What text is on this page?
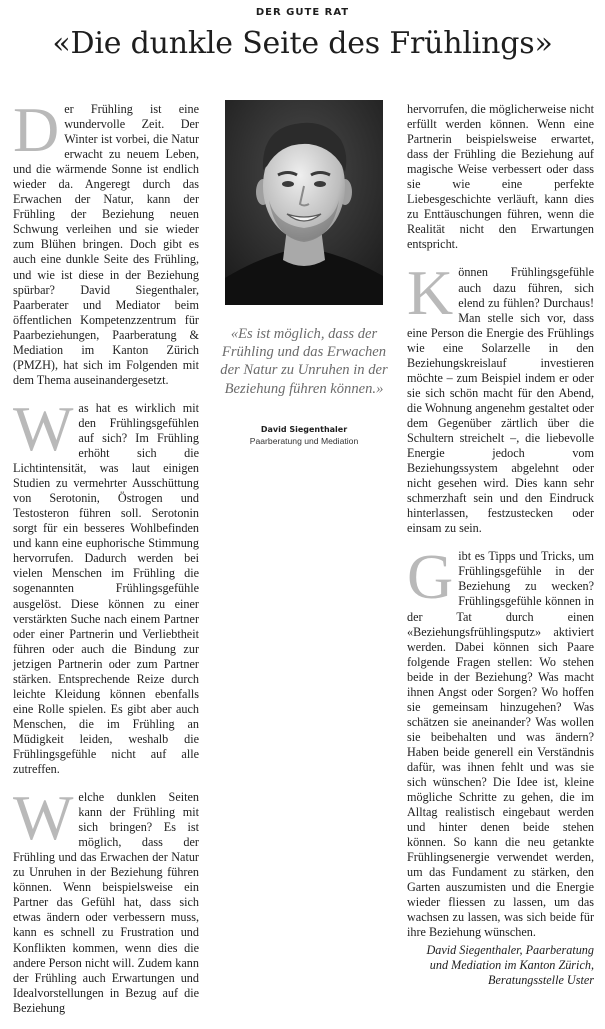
DER GUTE RAT
«Die dunkle Seite des Frühlings»

Der Frühling ist eine wundervolle Zeit. Der Winter ist vorbei, die Natur erwacht zu neuem Leben, und die wärmende Sonne ist endlich wieder da. Angeregt durch das Erwachen der Natur, kann der Frühling der Beziehung neuen Schwung verleihen und sie wieder zum Blühen bringen. Doch gibt es auch eine dunkle Seite des Frühling, und wie ist diese in der Beziehung spürbar? David Siegenthaler, Paarberater und Mediator beim öffentlichen Kompetenzzentrum für Paarbeziehungen, Paarberatung & Mediation im Kanton Zürich (PMZH), hat sich im Folgenden mit dem Thema auseinandergesetzt.

Was hat es wirklich mit den Frühlingsgefühlen auf sich? Im Frühling erhöht sich die Lichtintensität, was laut einigen Studien zu vermehrter Ausschüttung von Serotonin, Östrogen und Testosteron führen soll. Serotonin sorgt für ein besseres Wohlbefinden und kann eine euphorische Stimmung hervorrufen. Dadurch werden bei vielen Menschen im Frühling die sogenannten Frühlingsgefühle ausgelöst. Diese können zu einer verstärkten Suche nach einem Partner oder einer Partnerin und Verliebtheit führen oder auch die Bindung zur jetzigen Partnerin oder zum Partner stärken. Entsprechende Reize durch leichte Kleidung können ebenfalls eine Rolle spielen. Es gibt aber auch Menschen, die im Frühling an Müdigkeit leiden, weshalb die Frühlingsgefühle nicht auf alle zutreffen.

Welche dunklen Seiten kann der Frühling mit sich bringen? Es ist möglich, dass der Frühling und das Erwachen der Natur zu Unruhen in der Beziehung führen können. Wenn beispielsweise ein Partner das Gefühl hat, dass sich etwas ändern oder verbessern muss, kann es schnell zu Frustration und Konflikten kommen, wenn dies die andere Person nicht will. Zudem kann der Frühling auch Erwartungen und Idealvorstellungen in Bezug auf die Beziehung

«Es ist möglich, dass der Frühling und das Erwachen der Natur zu Unruhen in der Beziehung führen können.»
David Siegenthaler
Paarberatung und Mediation

hervorrufen, die möglicherweise nicht erfüllt werden können. Wenn eine Partnerin beispielsweise erwartet, dass der Frühling die Beziehung auf magische Weise verbessert oder dass sie wie eine perfekte Liebesgeschichte verläuft, kann dies zu Enttäuschungen führen, wenn die Realität nicht den Erwartungen entspricht.

Können Frühlingsgefühle auch dazu führen, sich elend zu fühlen? Durchaus! Man stelle sich vor, dass eine Person die Energie des Frühlings wie eine Solarzelle in den Beziehungskreislauf investieren möchte – zum Beispiel indem er oder sie sich schön macht für den Abend, die Wohnung angenehm gestaltet oder dem Gegenüber zärtlich über die Schultern streichelt –, die liebevolle Energie jedoch vom Beziehungssystem abgelehnt oder nicht gesehen wird. Dies kann sehr schmerzhaft sein und den Eindruck hinterlassen, festzustecken oder einsam zu sein.

Gibt es Tipps und Tricks, um Frühlingsgefühle in der Beziehung zu wecken? Frühlingsgefühle können in der Tat durch einen «Beziehungsfrühlingsputz» aktiviert werden. Dabei können sich Paare folgende Fragen stellen: Wo stehen beide in der Beziehung? Was macht ihnen Angst oder Sorgen? Wo hoffen sie gemeinsam hinzugehen? Was schätzen sie aneinander? Was wollen sie beibehalten und was ändern? Haben beide generell ein Verständnis dafür, was ihnen fehlt und was sie sich wünschen? Die Idee ist, kleine mögliche Schritte zu gehen, die im Alltag realistisch eingebaut werden und hinter denen beide stehen können. So kann die neu getankte Frühlingsenergie verwendet werden, um das Fundament zu stärken, den Garten auszumisten und die Energie wieder fliessen zu lassen, um das wachsen zu lassen, was sich beide für ihre Beziehung wünschen.

David Siegenthaler, Paarberatung
und Mediation im Kanton Zürich,
Beratungsstelle Uster
